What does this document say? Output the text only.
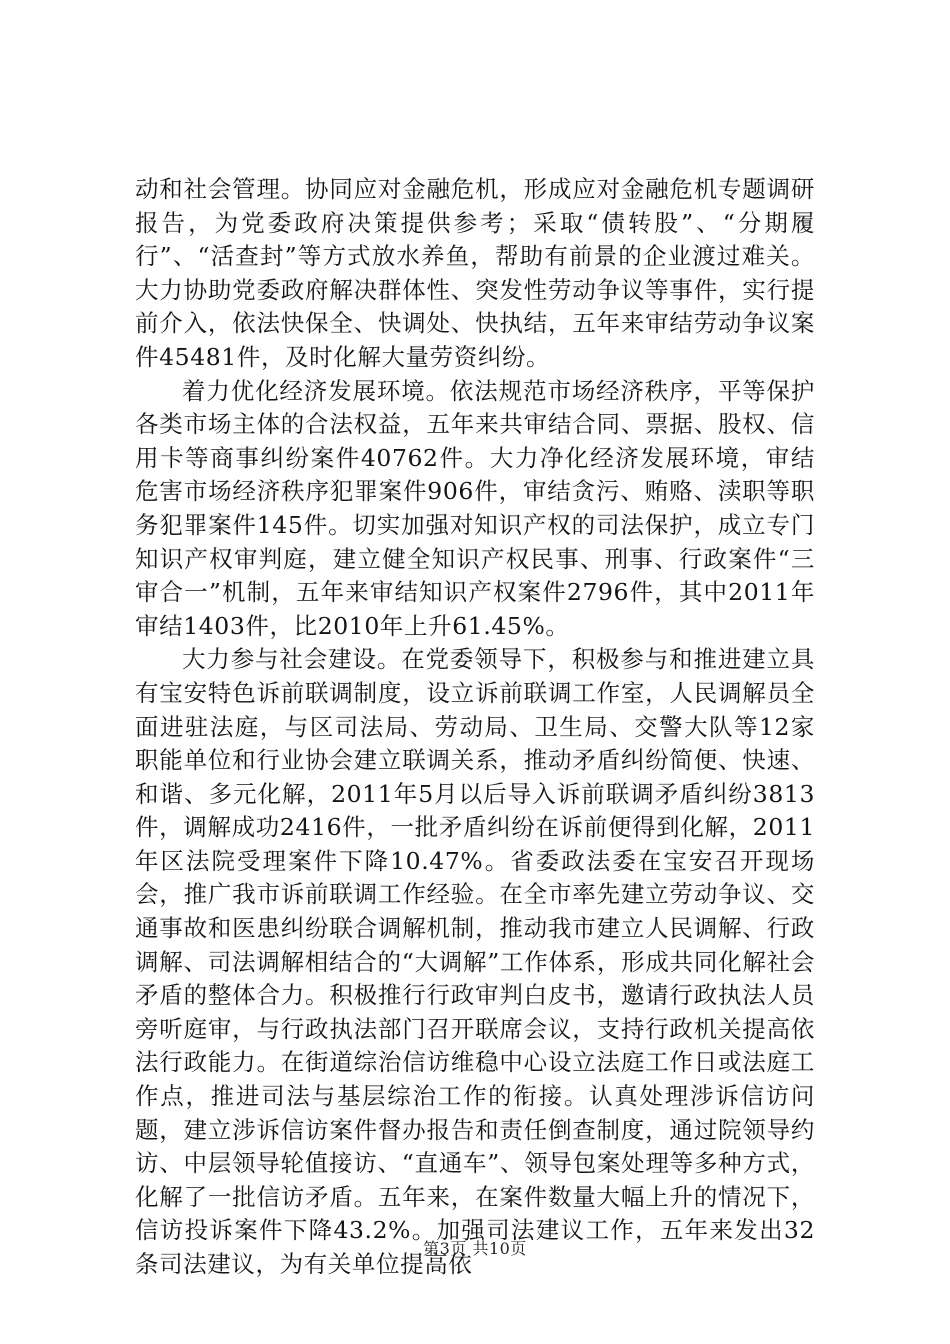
动和社会管理。协同应对金融危机，形成应对金融危机专题调研报告，为党委政府决策提供参考；采取“债转股”、“分期履行”、“活查封”等方式放水养鱼，帮助有前景的企业渡过难关。大力协助党委政府解决群体性、突发性劳动争议等事件，实行提前介入，依法快保全、快调处、快执结，五年来审结劳动争议案件45481件，及时化解大量劳资纠纷。

着力优化经济发展环境。依法规范市场经济秩序，平等保护各类市场主体的合法权益，五年来共审结合同、票据、股权、信用卡等商事纠纷案件40762件。大力净化经济发展环境，审结危害市场经济秩序犯罪案件906件，审结贪污、贿赂、渎职等职务犯罪案件145件。切实加强对知识产权的司法保护，成立专门知识产权审判庭，建立健全知识产权民事、刑事、行政案件“三审合一”机制，五年来审结知识产权案件2796件，其中2011年审结1403件，比2010年上升61.45%。

大力参与社会建设。在党委领导下，积极参与和推进建立具有宝安特色诉前联调制度，设立诉前联调工作室，人民调解员全面进驻法庭，与区司法局、劳动局、卫生局、交警大队等12家职能单位和行业协会建立联调关系，推动矛盾纠纷简便、快速、和谐、多元化解，2011年5月以后导入诉前联调矛盾纠纷3813件，调解成功2416件，一批矛盾纠纷在诉前便得到化解，2011年区法院受理案件下降10.47%。省委政法委在宝安召开现场会，推广我市诉前联调工作经验。在全市率先建立劳动争议、交通事故和医患纠纷联合调解机制，推动我市建立人民调解、行政调解、司法调解相结合的“大调解”工作体系，形成共同化解社会矛盾的整体合力。积极推行行政审判白皮书，邀请行政执法人员旁听庭审，与行政执法部门召开联席会议，支持行政机关提高依法行政能力。在街道综治信访维稳中心设立法庭工作日或法庭工作点，推进司法与基层综治工作的衔接。认真处理涉诉信访问题，建立涉诉信访案件督办报告和责任倒查制度，通过院领导约访、中层领导轮值接访、“直通车”、领导包案处理等多种方式，化解了一批信访矛盾。五年来，在案件数量大幅上升的情况下，信访投诉案件下降43.2%。加强司法建议工作，五年来发出32条司法建议，为有关单位提高依

第3页 共10页
